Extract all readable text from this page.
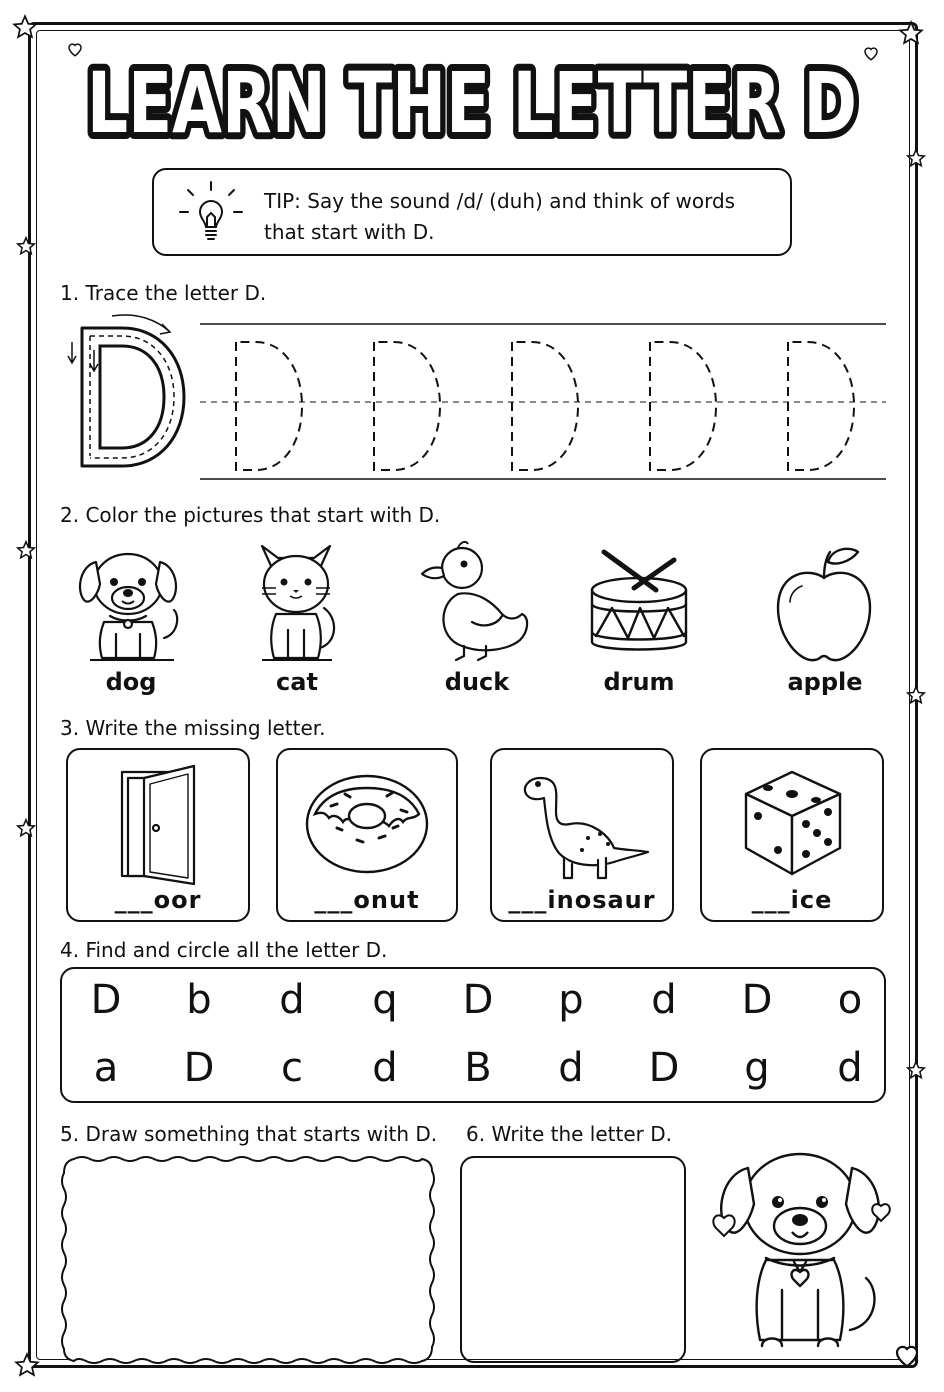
LEARN THE LETTER D
LEARN THE LETTER D
TIP: Say the sound /d/ (duh) and think of words
that start with D.
1. Trace the letter D.
2. Color the pictures that start with D.
dog	cat	duck	drum	apple
3. Write the missing letter.
___oor	___onut	___inosaur	___ice
4. Find and circle all the letter D.
D	b	d	q	D	p	d	D	o
a	D	c	d	B	d	D	g	d
5. Draw something that starts with D. 6. Write the letter D.
